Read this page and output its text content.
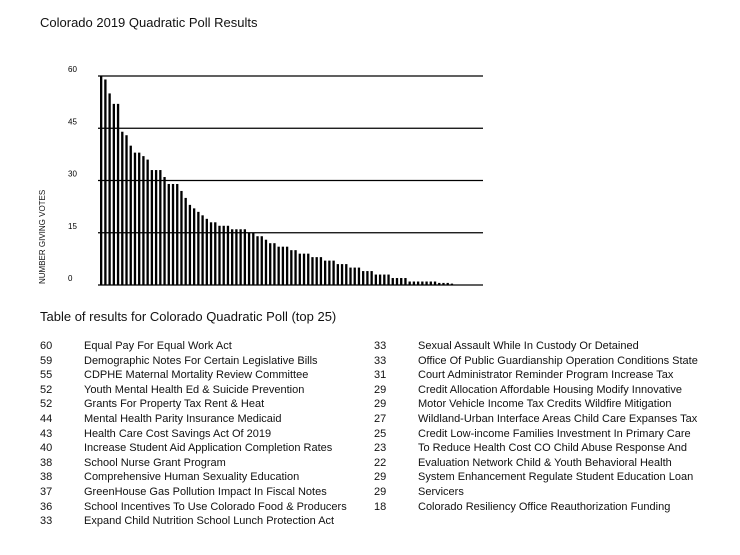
Colorado 2019 Quadratic Poll Results
0
15
30
45
60
NUMBER GIVING VOTES
Table of results for Colorado Quadratic Poll (top 25)
60	Equal Pay For Equal Work Act
59	Demographic Notes For Certain Legislative Bills
55	CDPHE Maternal Mortality Review Committee
52	Youth Mental Health Ed & Suicide Prevention
52	Grants For Property Tax Rent & Heat
44	Mental Health Parity Insurance Medicaid
43	Health Care Cost Savings Act Of 2019
40	Increase Student Aid Application Completion Rates
38	School Nurse Grant Program
38	Comprehensive Human Sexuality Education
37	GreenHouse Gas Pollution Impact In Fiscal Notes
36	School Incentives To Use Colorado Food & Producers
33	Expand Child Nutrition School Lunch Protection Act
33	Sexual Assault While In Custody Or Detained
33	Office Of Public Guardianship Operation Conditions State
31	Court Administrator Reminder Program Increase Tax
29	Credit Allocation Affordable Housing Modify Innovative
29	Motor Vehicle Income Tax Credits Wildfire Mitigation
27	Wildland-Urban Interface Areas Child Care Expanses Tax
25	Credit Low-income Families Investment In Primary Care
23	To Reduce Health Cost CO Child Abuse Response And
22	Evaluation Network Child & Youth Behavioral Health
29	System Enhancement Regulate Student Education Loan
29	Servicers
18	Colorado Resiliency Office Reauthorization Funding
